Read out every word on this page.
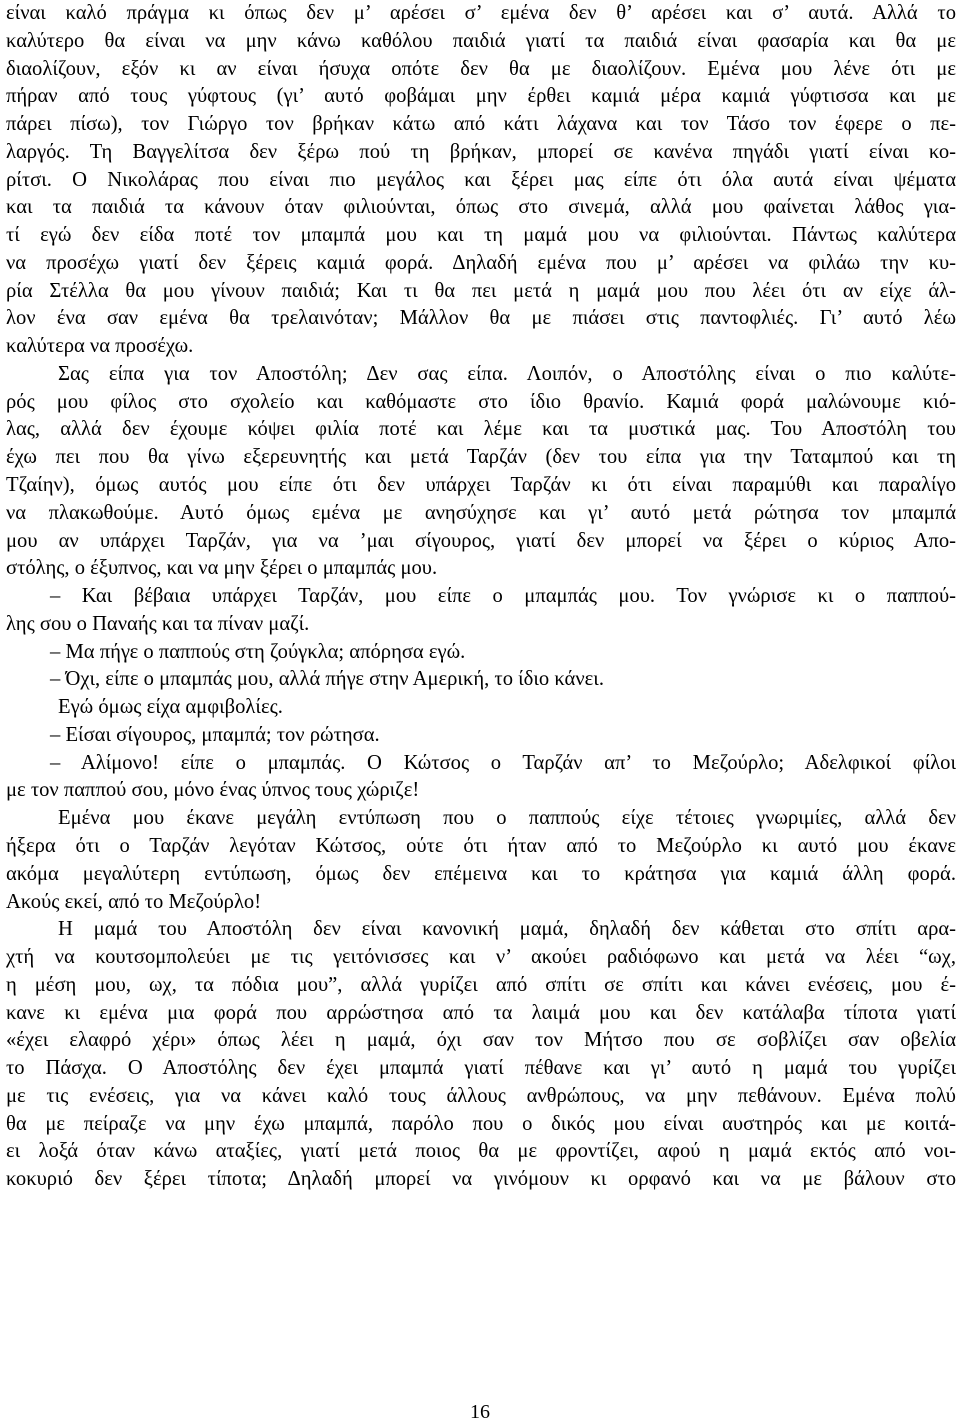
είναι καλό πράγμα κι όπως δεν μ’ αρέσει σ’ εμένα δεν θ’ αρέσει και σ’ αυτά. Αλλά το
καλύτερο θα είναι να μην κάνω καθόλου παιδιά γιατί τα παιδιά είναι φασαρία και θα με
διαολίζουν, εξόν κι αν είναι ήσυχα οπότε δεν θα με διαολίζουν. Εμένα μου λένε ότι με
πήραν από τους γύφτους (γι’ αυτό φοβάμαι μην έρθει καμιά μέρα καμιά γύφτισσα και με
πάρει πίσω), τον Γιώργο τον βρήκαν κάτω από κάτι λάχανα και τον Τάσο τον έφερε ο πε-
λαργός. Τη Βαγγελίτσα δεν ξέρω πού τη βρήκαν, μπορεί σε κανένα πηγάδι γιατί είναι κο-
ρίτσι. Ο Νικολάρας που είναι πιο μεγάλος και ξέρει μας είπε ότι όλα αυτά είναι ψέματα
και τα παιδιά τα κάνουν όταν φιλιούνται, όπως στο σινεμά, αλλά μου φαίνεται λάθος για-
τί εγώ δεν είδα ποτέ τον μπαμπά μου και τη μαμά μου να φιλιούνται. Πάντως καλύτερα
να προσέχω γιατί δεν ξέρεις καμιά φορά. Δηλαδή εμένα που μ’ αρέσει να φιλάω την κυ-
ρία Στέλλα θα μου γίνουν παιδιά; Και τι θα πει μετά η μαμά μου που λέει ότι αν είχε άλ-
λον ένα σαν εμένα θα τρελαινόταν; Μάλλον θα με πιάσει στις παντοφλιές. Γι’ αυτό λέω
καλύτερα να προσέχω.
Σας είπα για τον Αποστόλη; Δεν σας είπα. Λοιπόν, ο Αποστόλης είναι ο πιο καλύτε-
ρός μου φίλος στο σχολείο και καθόμαστε στο ίδιο θρανίο. Καμιά φορά μαλώνουμε κιό-
λας, αλλά δεν έχουμε κόψει φιλία ποτέ και λέμε και τα μυστικά μας. Του Αποστόλη του
έχω πει που θα γίνω εξερευνητής και μετά Ταρζάν (δεν του είπα για την Ταταμπού και τη
Τζαίην), όμως αυτός μου είπε ότι δεν υπάρχει Ταρζάν κι ότι είναι παραμύθι και παραλίγο
να πλακωθούμε. Αυτό όμως εμένα με ανησύχησε και γι’ αυτό μετά ρώτησα τον μπαμπά
μου αν υπάρχει Ταρζάν, για να ’μαι σίγουρος, γιατί δεν μπορεί να ξέρει ο κύριος Απο-
στόλης, ο έξυπνος, και να μην ξέρει ο μπαμπάς μου.
– Και βέβαια υπάρχει Ταρζάν, μου είπε ο μπαμπάς μου. Τον γνώρισε κι ο παππού-
λης σου ο Παναής και τα πίναν μαζί.
– Μα πήγε ο παππούς στη ζούγκλα; απόρησα εγώ.
– Όχι, είπε ο μπαμπάς μου, αλλά πήγε στην Αμερική, το ίδιο κάνει.
Εγώ όμως είχα αμφιβολίες.
– Είσαι σίγουρος, μπαμπά; τον ρώτησα.
– Αλίμονο! είπε ο μπαμπάς. Ο Κώτσος ο Ταρζάν απ’ το Μεζούρλο; Αδελφικοί φίλοι
με τον παππού σου, μόνο ένας ύπνος τους χώριζε!
Εμένα μου έκανε μεγάλη εντύπωση που ο παππούς είχε τέτοιες γνωριμίες, αλλά δεν
ήξερα ότι ο Ταρζάν λεγόταν Κώτσος, ούτε ότι ήταν από το Μεζούρλο κι αυτό μου έκανε
ακόμα μεγαλύτερη εντύπωση, όμως δεν επέμεινα και το κράτησα για καμιά άλλη φορά.
Ακούς εκεί, από το Μεζούρλο!
Η μαμά του Αποστόλη δεν είναι κανονική μαμά, δηλαδή δεν κάθεται στο σπίτι αρα-
χτή να κουτσομπολεύει με τις γειτόνισσες και ν’ ακούει ραδιόφωνο και μετά να λέει “ωχ,
η μέση μου, ωχ, τα πόδια μου”, αλλά γυρίζει από σπίτι σε σπίτι και κάνει ενέσεις, μου έ-
κανε κι εμένα μια φορά που αρρώστησα από τα λαιμά μου και δεν κατάλαβα τίποτα γιατί
«έχει ελαφρό χέρι» όπως λέει η μαμά, όχι σαν τον Μήτσο που σε σοβλίζει σαν οβελία
το Πάσχα. Ο Αποστόλης δεν έχει μπαμπά γιατί πέθανε και γι’ αυτό η μαμά του γυρίζει
με τις ενέσεις, για να κάνει καλό τους άλλους ανθρώπους, να μην πεθάνουν. Εμένα πολύ
θα με πείραζε να μην έχω μπαμπά, παρόλο που ο δικός μου είναι αυστηρός και με κοιτά-
ει λοξά όταν κάνω αταξίες, γιατί μετά ποιος θα με φροντίζει, αφού η μαμά εκτός από νοι-
κοκυριό δεν ξέρει τίποτα; Δηλαδή μπορεί να γινόμουν κι ορφανό και να με βάλουν στο
16
